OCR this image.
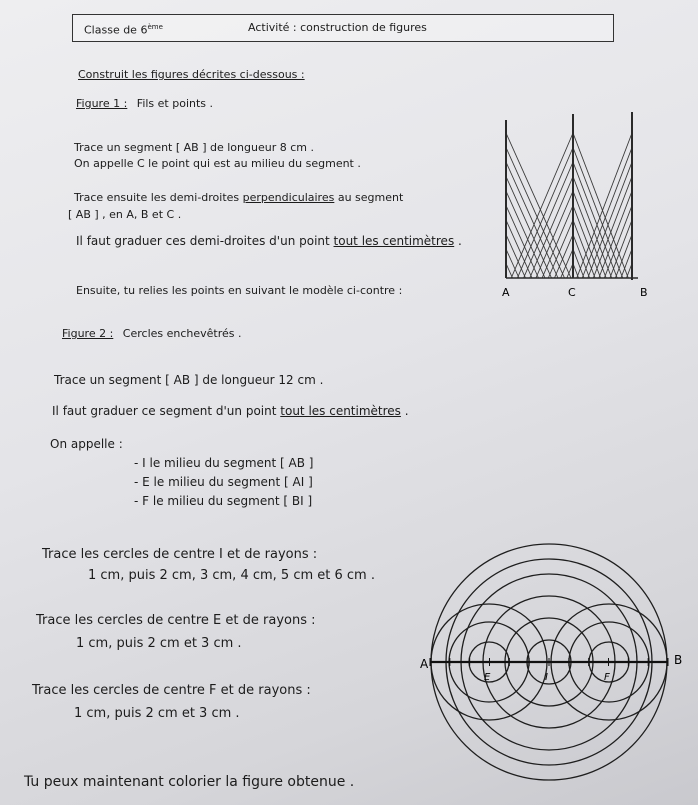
Classe de 6ème	Activité : construction de figures
Construit les figures décrites ci-dessous :
Figure 1 : Fils et points .
Trace un segment [ AB ] de longueur 8 cm .
On appelle C le point qui est au milieu du segment .
Trace ensuite les demi-droites perpendiculaires au segment
[ AB ] , en A, B et C .
Il faut graduer ces demi-droites d'un point tout les centimètres .
Ensuite, tu relies les points en suivant le modèle ci-contre :	A	C	B
Figure 2 : Cercles enchevêtrés .
Trace un segment [ AB ] de longueur 12 cm .
Il faut graduer ce segment d'un point tout les centimètres .
On appelle :
- I le milieu du segment [ AB ]
- E le milieu du segment [ AI ]
- F le milieu du segment [ BI ]
Trace les cercles de centre I et de rayons :
1 cm, puis 2 cm, 3 cm, 4 cm, 5 cm et 6 cm .
Trace les cercles de centre E et de rayons :
1 cm, puis 2 cm et 3 cm .
Trace les cercles de centre F et de rayons :
1 cm, puis 2 cm et 3 cm .
Tu peux maintenant colorier la figure obtenue .
A	B
E	I	F
